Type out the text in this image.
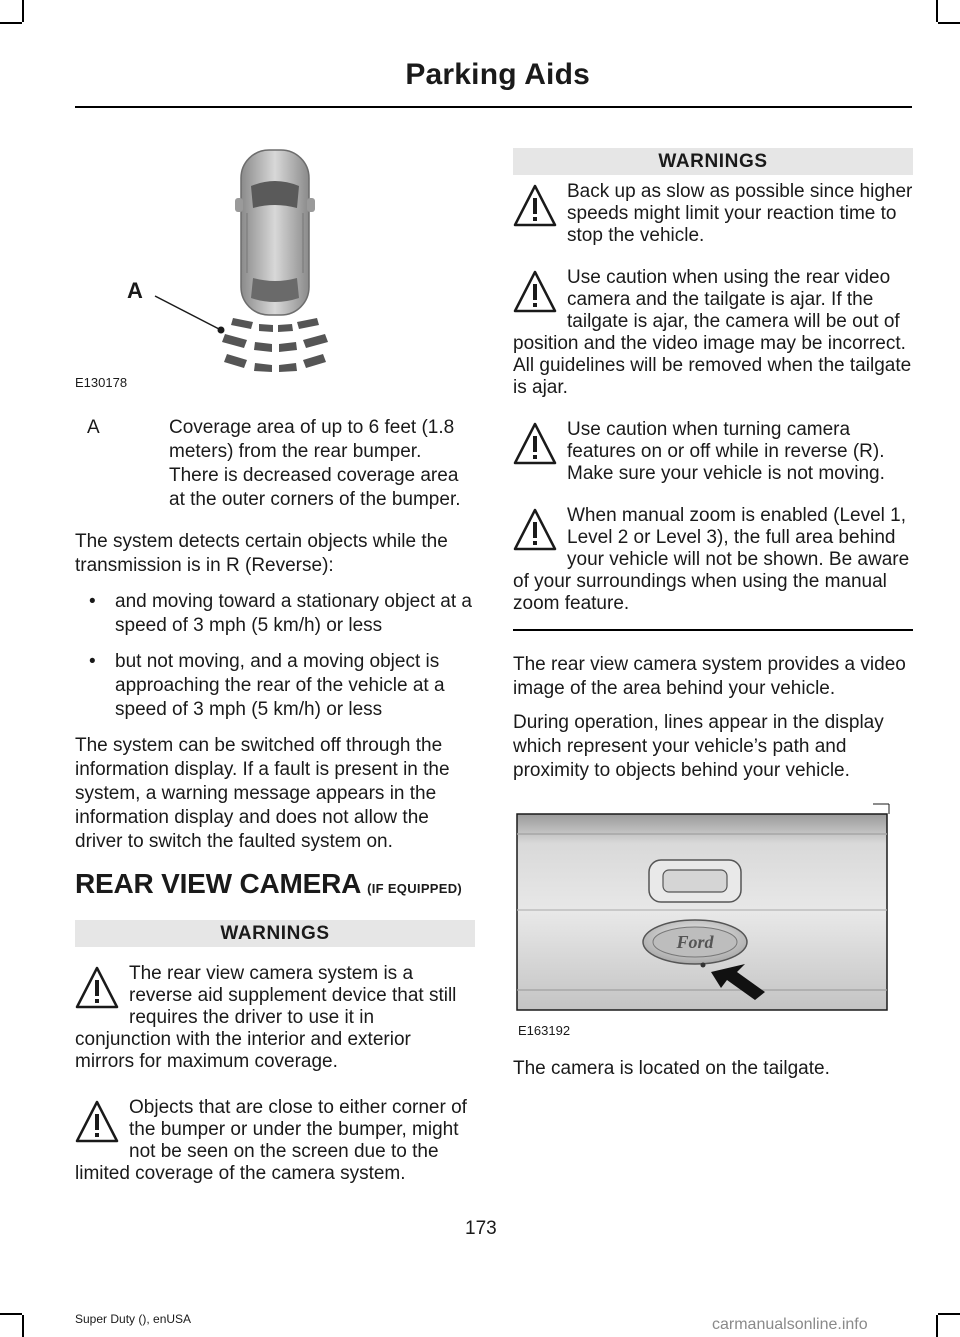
Parking Aids
A
E130178
A	Coverage area of up to 6 feet (1.8 meters) from the rear bumper. There is decreased coverage area at the outer corners of the bumper.

The system detects certain objects while the transmission is in R (Reverse):

• and moving toward a stationary object at a speed of 3 mph (5 km/h) or less
• but not moving, and a moving object is approaching the rear of the vehicle at a speed of 3 mph (5 km/h) or less

The system can be switched off through the information display. If a fault is present in the system, a warning message appears in the information display and does not allow the driver to switch the faulted system on.

REAR VIEW CAMERA (IF EQUIPPED)
WARNINGS
The rear view camera system is a reverse aid supplement device that still requires the driver to use it in conjunction with the interior and exterior mirrors for maximum coverage.
Objects that are close to either corner of the bumper or under the bumper, might not be seen on the screen due to the limited coverage of the camera system.
WARNINGS
Back up as slow as possible since higher speeds might limit your reaction time to stop the vehicle.
Use caution when using the rear video camera and the tailgate is ajar. If the tailgate is ajar, the camera will be out of position and the video image may be incorrect. All guidelines will be removed when the tailgate is ajar.
Use caution when turning camera features on or off while in reverse (R). Make sure your vehicle is not moving.
When manual zoom is enabled (Level 1, Level 2 or Level 3), the full area behind your vehicle will not be shown. Be aware of your surroundings when using the manual zoom feature.

The rear view camera system provides a video image of the area behind your vehicle.

During operation, lines appear in the display which represent your vehicle’s path and proximity to objects behind your vehicle.

Ford
E163192

The camera is located on the tailgate.

173
Super Duty (), enUSA	carmanualsonline.info
